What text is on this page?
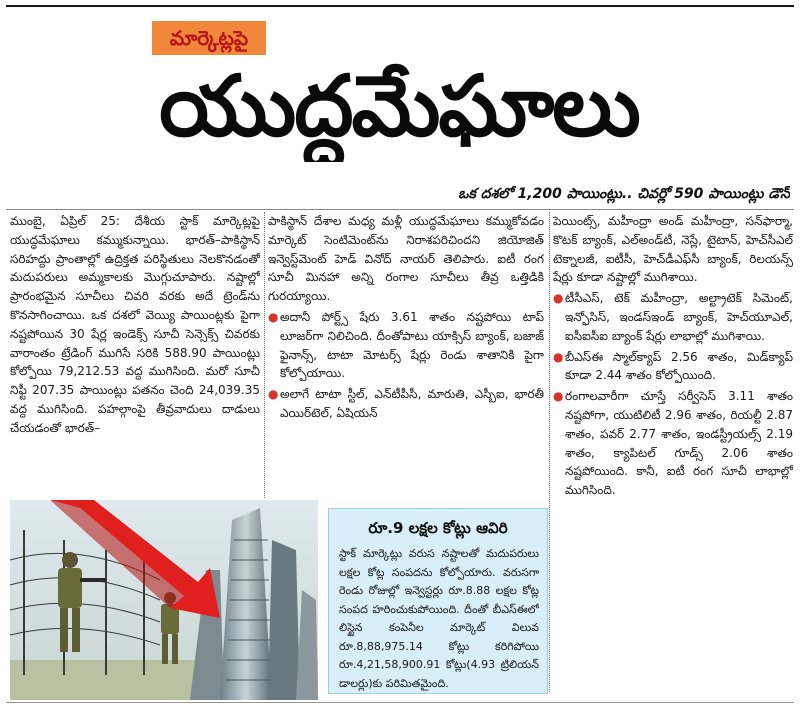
మార్కెట్లపై
యుద్ధమేఘాలు
ఒక దశలో 1,200 పాయింట్లు.. చివర్లో 590 పాయింట్లు డౌన్

ముంబై, ఏప్రిల్ 25: దేశీయ స్టాక్ మార్కెట్లపై యుద్ధమేఘాలు కమ్ముకున్నాయి. భారత్–పాకిస్థాన్ సరిహద్దు ప్రాంతాల్లో ఉద్రిక్తత పరిస్థితులు నెలకొనడంతో మదుపరులు అమ్మకాలకు మొగ్గుచూపారు. నష్టాల్లో ప్రారంభమైన సూచీలు చివరి వరకు అదే ట్రెండ్‌ను కొనసాగించాయి. ఒక దశలో వెయ్యి పాయింట్లకు పైగా నష్టపోయిన 30 షేర్ల ఇండెక్స్ సూచీ సెన్సెక్స్ చివరకు వారాంతం ట్రేడింగ్ ముగిసే సరికి 588.90 పాయింట్లు కోల్పోయి 79,212.53 వద్ద ముగిసింది. మరో సూచీ నిఫ్టీ 207.35 పాయింట్లు పతనం చెంది 24,039.35 వద్ద ముగిసింది. పహల్గాంపై తీవ్రవాదులు దాడులు చేయడంతో భారత్–

పాకిస్థాన్ దేశాల మధ్య మళ్లీ యుద్ధమేఘాలు కమ్ముకోవడం మార్కెట్ సెంటిమెంట్‌ను నిరాశపరిచిందని జియోజిత్ ఇన్వెస్ట్‌మెంట్ హెడ్ వినోద్ నాయర్ తెలిపారు. ఐటీ రంగ సూచీ మినహా అన్ని రంగాల సూచీలు తీవ్ర ఒత్తిడికి గురయ్యాయి.

● అదానీ పోర్ట్స్ షేరు 3.61 శాతం నష్టపోయి టాప్ లూజర్‌గా నిలిచింది. దీంతోపాటు యాక్సిస్ బ్యాంక్, బజాజ్ ఫైనాన్స్, టాటా మోటర్స్ షేర్లు రెండు శాతానికి పైగా కోల్పోయాయి.
● అలాగే టాటా స్టీల్, ఎన్‌టీపీసీ, మారుతి, ఎస్బీఐ, భారతీ ఎయిర్‌టెల్, ఏషియన్

పెయింట్స్, మహీంద్రా అండ్ మహీంద్రా, సన్‌ఫార్మా, కొటక్ బ్యాంక్, ఎల్అండ్‌టీ, నెస్లే, టైటాన్, హెచ్‌సీఎల్ టెక్నాలజీ, ఐటీసీ, హెచ్‌డీఎఫ్‌సీ బ్యాంక్, రిలయన్స్ షేర్లు కూడా నష్టాల్లో ముగిశాయి.

● టీసీఎస్, టెక్ మహీంద్రా, అల్ట్రాటెక్ సిమెంట్, ఇన్ఫోసిస్, ఇండస్‌ఇండ్ బ్యాంక్, హెచ్‌యూఎల్, ఐసీఐసీఐ బ్యాంక్ షేర్లు లాభాల్లో ముగిశాయి.
● బీఎస్ఈ స్మాల్‌క్యాప్ 2.56 శాతం, మిడ్‌క్యాప్ కూడా 2.44 శాతం కోల్పోయింది.
● రంగాలవారీగా చూస్తే సర్వీసెస్ 3.11 శాతం నష్టపోగా, యుటిలిటీ 2.96 శాతం, రియల్టీ 2.87 శాతం, పవర్ 2.77 శాతం, ఇండస్ట్రీయల్స్ 2.19 శాతం, క్యాపిటల్ గూడ్స్ 2.06 శాతం నష్టపోయింది. కానీ, ఐటీ రంగ సూచీ లాభాల్లో ముగిసింది.
రూ.9 లక్షల కోట్లు ఆవిరి
స్టాక్ మార్కెట్లు వరుస నష్టాలతో మదుపరులు లక్షల కోట్ల సంపదను కోల్పోయారు. వరుసగా రెండు రోజుల్లో ఇన్వెస్టర్లు రూ.8.88 లక్షల కోట్ల సంపద హరించుకుపోయింది. దీంతో బీఎస్ఈలో లిస్టైన కంపెనీల మార్కెట్ విలువ రూ.8,88,975.14 కోట్లు కరిగిపోయి రూ.4,21,58,900.91 కోట్లు(4.93 ట్రిలియన్ డాలర్లు)కు పరిమితమైంది.
